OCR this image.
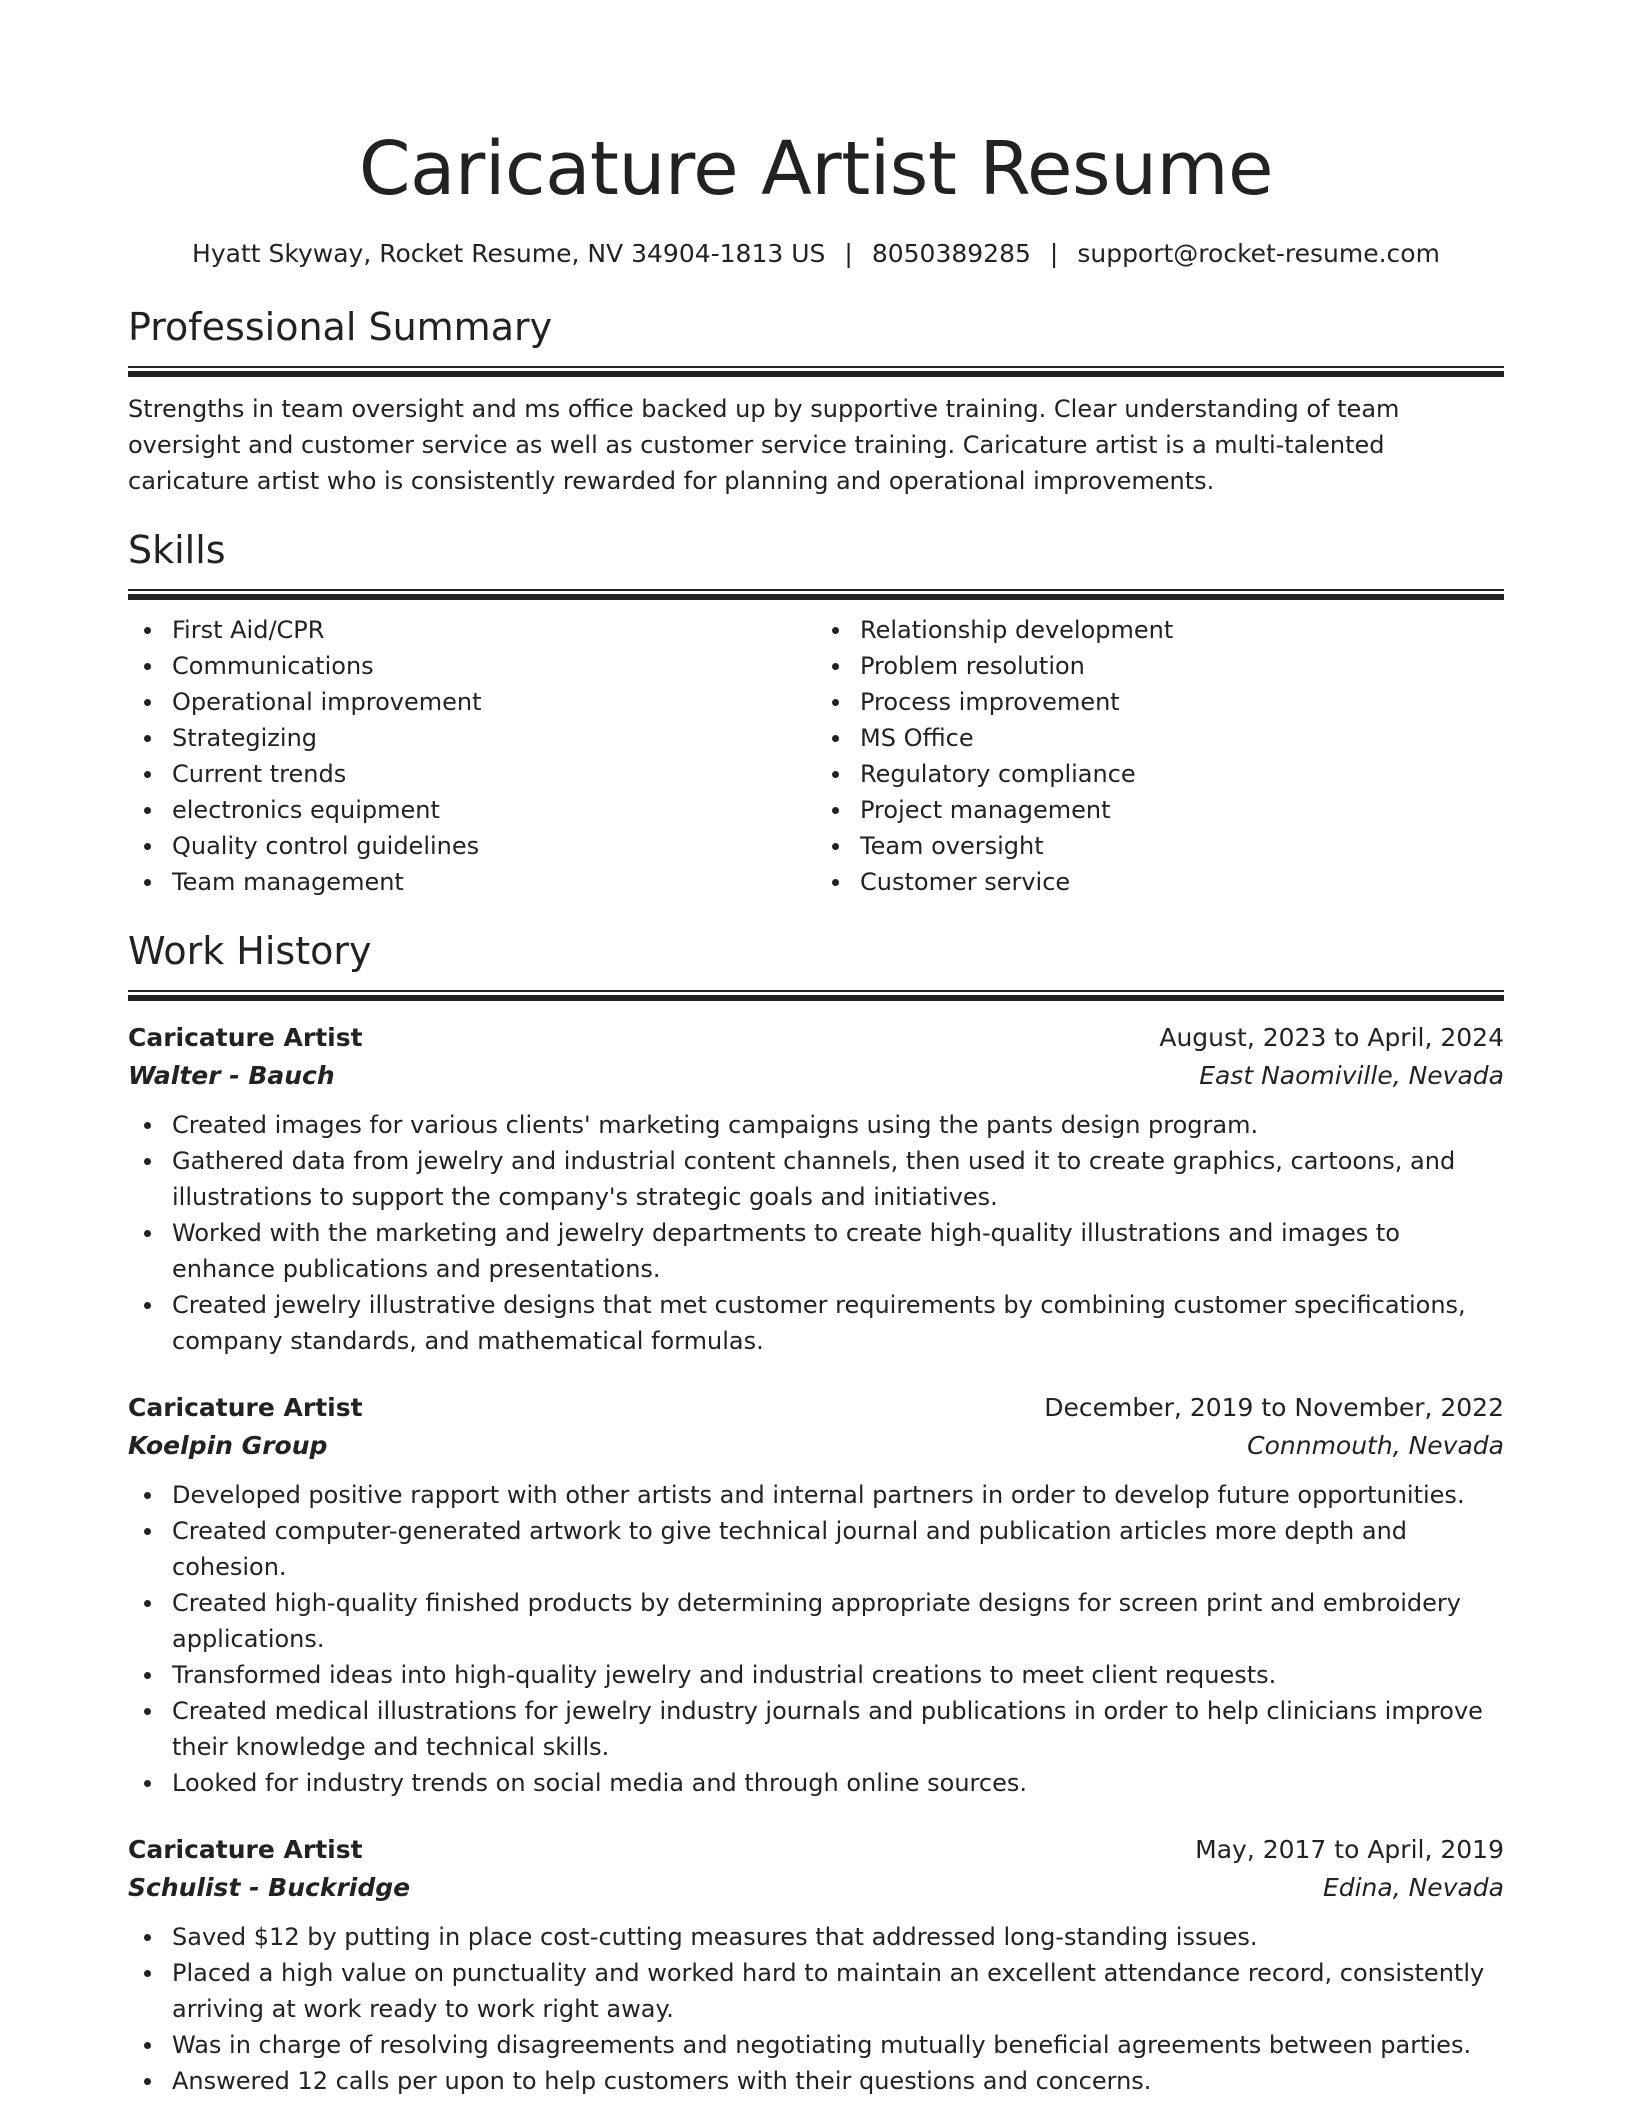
Caricature Artist Resume
Hyatt Skyway, Rocket Resume, NV 34904-1813 US | 8050389285 | support@rocket-resume.com
Professional Summary
Strengths in team oversight and ms office backed up by supportive training. Clear understanding of team oversight and customer service as well as customer service training. Caricature artist is a multi-talented caricature artist who is consistently rewarded for planning and operational improvements.
Skills
First Aid/CPR
Communications
Operational improvement
Strategizing
Current trends
electronics equipment
Quality control guidelines
Team management
Relationship development
Problem resolution
Process improvement
MS Office
Regulatory compliance
Project management
Team oversight
Customer service
Work History
Caricature Artist	August, 2023 to April, 2024
Walter - Bauch	East Naomiville, Nevada
Created images for various clients' marketing campaigns using the pants design program.
Gathered data from jewelry and industrial content channels, then used it to create graphics, cartoons, and illustrations to support the company's strategic goals and initiatives.
Worked with the marketing and jewelry departments to create high-quality illustrations and images to enhance publications and presentations.
Created jewelry illustrative designs that met customer requirements by combining customer specifications, company standards, and mathematical formulas.
Caricature Artist	December, 2019 to November, 2022
Koelpin Group	Connmouth, Nevada
Developed positive rapport with other artists and internal partners in order to develop future opportunities.
Created computer-generated artwork to give technical journal and publication articles more depth and cohesion.
Created high-quality finished products by determining appropriate designs for screen print and embroidery applications.
Transformed ideas into high-quality jewelry and industrial creations to meet client requests.
Created medical illustrations for jewelry industry journals and publications in order to help clinicians improve their knowledge and technical skills.
Looked for industry trends on social media and through online sources.
Caricature Artist	May, 2017 to April, 2019
Schulist - Buckridge	Edina, Nevada
Saved $12 by putting in place cost-cutting measures that addressed long-standing issues.
Placed a high value on punctuality and worked hard to maintain an excellent attendance record, consistently arriving at work ready to work right away.
Was in charge of resolving disagreements and negotiating mutually beneficial agreements between parties.
Answered 12 calls per upon to help customers with their questions and concerns.
